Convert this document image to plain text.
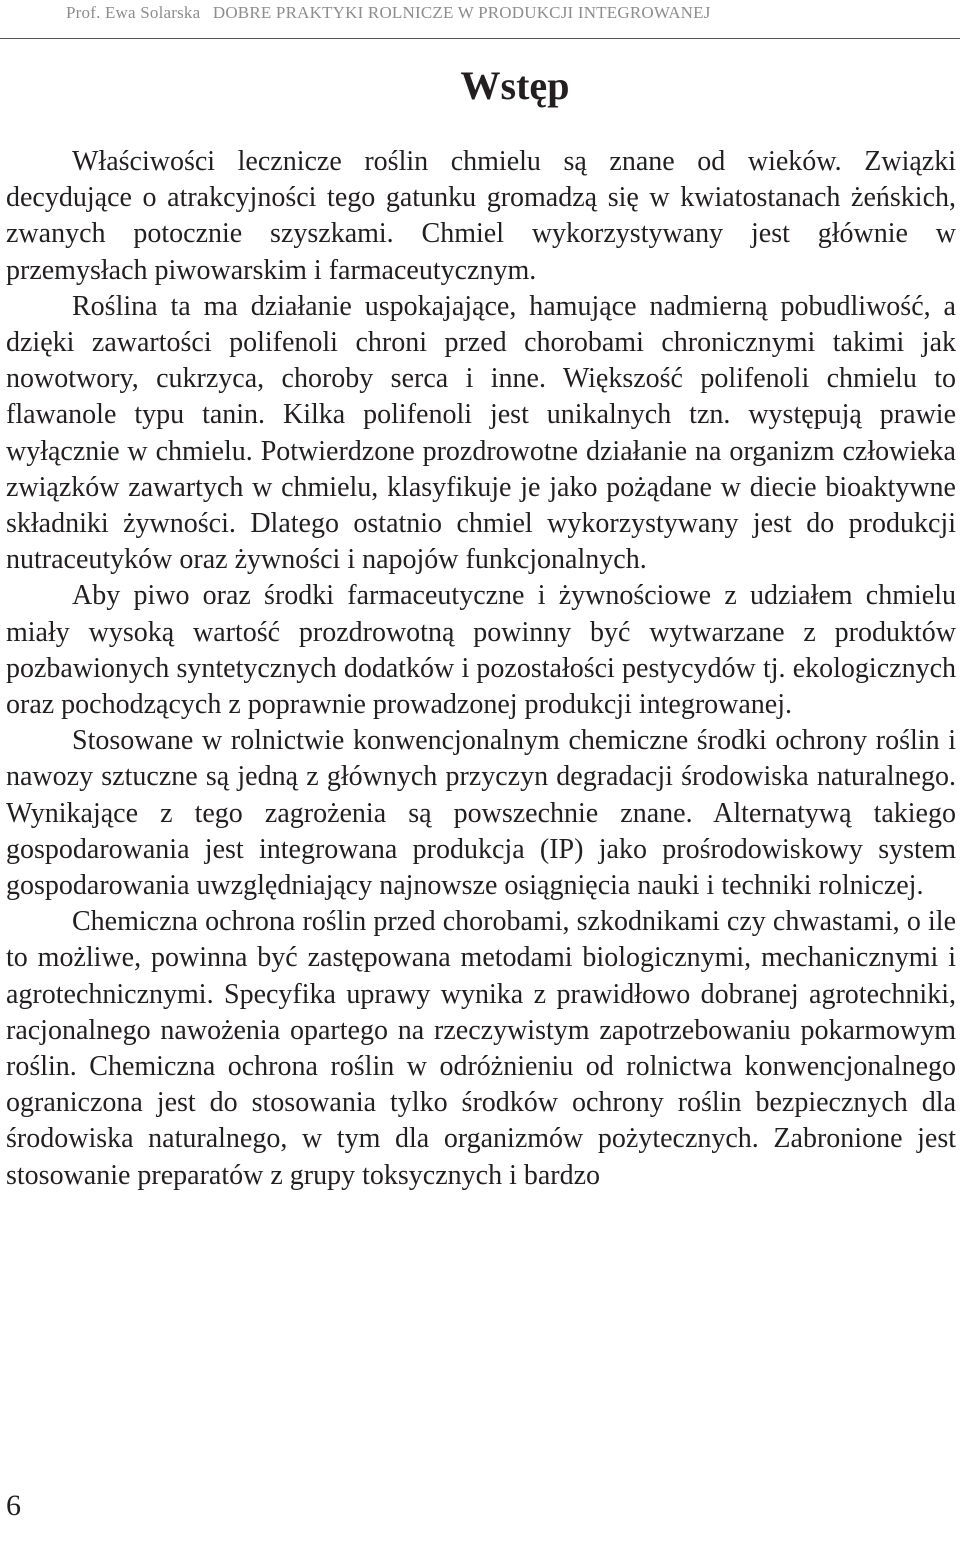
Prof. Ewa Solarska DOBRE PRAKTYKI ROLNICZE W PRODUKCJI INTEGROWANEJ
Wstęp

Właściwości lecznicze roślin chmielu są znane od wieków. Związki decydujące o atrakcyjności tego gatunku gromadzą się w kwiatostanach żeńskich, zwanych potocznie szyszkami. Chmiel wykorzystywany jest głównie w przemysłach piwowarskim i farmaceutycznym.

Roślina ta ma działanie uspokajające, hamujące nadmierną pobudliwość, a dzięki zawartości polifenoli chroni przed chorobami chronicznymi takimi jak nowotwory, cukrzyca, choroby serca i inne. Większość polifenoli chmielu to flawanole typu tanin. Kilka polifenoli jest unikalnych tzn. występują prawie wyłącznie w chmielu. Potwierdzone prozdrowotne działanie na organizm człowieka związków zawartych w chmielu, klasyfikuje je jako pożądane w diecie bioaktywne składniki żywności. Dlatego ostatnio chmiel wykorzystywany jest do produkcji nutraceutyków oraz żywności i napojów funkcjonalnych.

Aby piwo oraz środki farmaceutyczne i żywnościowe z udziałem chmielu miały wysoką wartość prozdrowotną powinny być wytwarzane z produktów pozbawionych syntetycznych dodatków i pozostałości pestycydów tj. ekologicznych oraz pochodzących z poprawnie prowadzonej produkcji integrowanej.

Stosowane w rolnictwie konwencjonalnym chemiczne środki ochrony roślin i nawozy sztuczne są jedną z głównych przyczyn degradacji środowiska naturalnego. Wynikające z tego zagrożenia są powszechnie znane. Alternatywą takiego gospodarowania jest integrowana produkcja (IP) jako prośrodowiskowy system gospodarowania uwzględniający najnowsze osiągnięcia nauki i techniki rolniczej.

Chemiczna ochrona roślin przed chorobami, szkodnikami czy chwastami, o ile to możliwe, powinna być zastępowana metodami biologicznymi, mechanicznymi i agrotechnicznymi. Specyfika uprawy wynika z prawidłowo dobranej agrotechniki, racjonalnego nawożenia opartego na rzeczywistym zapotrzebowaniu pokarmowym roślin. Chemiczna ochrona roślin w odróżnieniu od rolnictwa konwencjonalnego ograniczona jest do stosowania tylko środków ochrony roślin bezpiecznych dla środowiska naturalnego, w tym dla organizmów pożytecznych. Zabronione jest stosowanie preparatów z grupy toksycznych i bardzo

6
